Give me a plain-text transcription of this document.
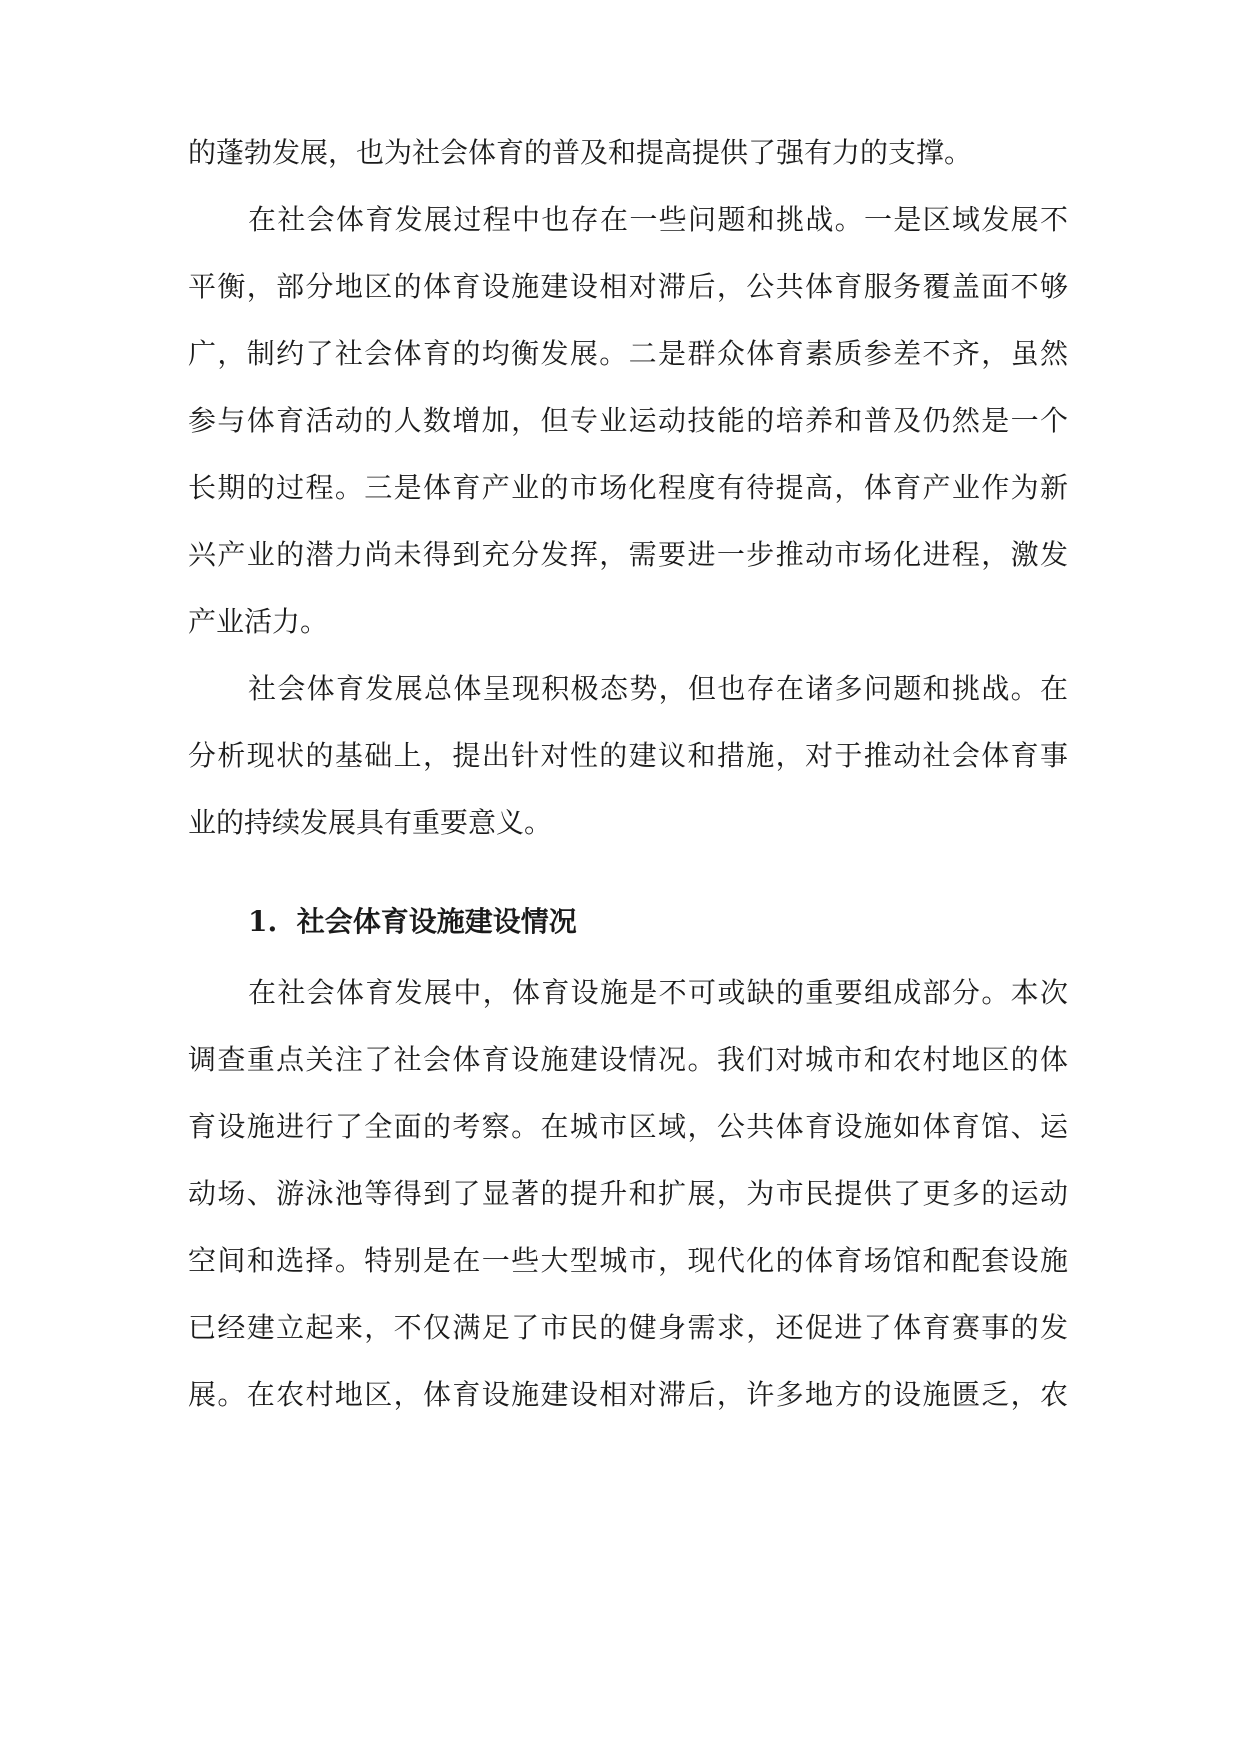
的蓬勃发展，也为社会体育的普及和提高提供了强有力的支撑。
在社会体育发展过程中也存在一些问题和挑战。一是区域发展不
平衡，部分地区的体育设施建设相对滞后，公共体育服务覆盖面不够
广，制约了社会体育的均衡发展。二是群众体育素质参差不齐，虽然
参与体育活动的人数增加，但专业运动技能的培养和普及仍然是一个
长期的过程。三是体育产业的市场化程度有待提高，体育产业作为新
兴产业的潜力尚未得到充分发挥，需要进一步推动市场化进程，激发
产业活力。
社会体育发展总体呈现积极态势，但也存在诸多问题和挑战。在
分析现状的基础上，提出针对性的建议和措施，对于推动社会体育事
业的持续发展具有重要意义。
1. 社会体育设施建设情况
在社会体育发展中，体育设施是不可或缺的重要组成部分。本次
调查重点关注了社会体育设施建设情况。我们对城市和农村地区的体
育设施进行了全面的考察。在城市区域，公共体育设施如体育馆、运
动场、游泳池等得到了显著的提升和扩展，为市民提供了更多的运动
空间和选择。特别是在一些大型城市，现代化的体育场馆和配套设施
已经建立起来，不仅满足了市民的健身需求，还促进了体育赛事的发
展。在农村地区，体育设施建设相对滞后，许多地方的设施匮乏，农
